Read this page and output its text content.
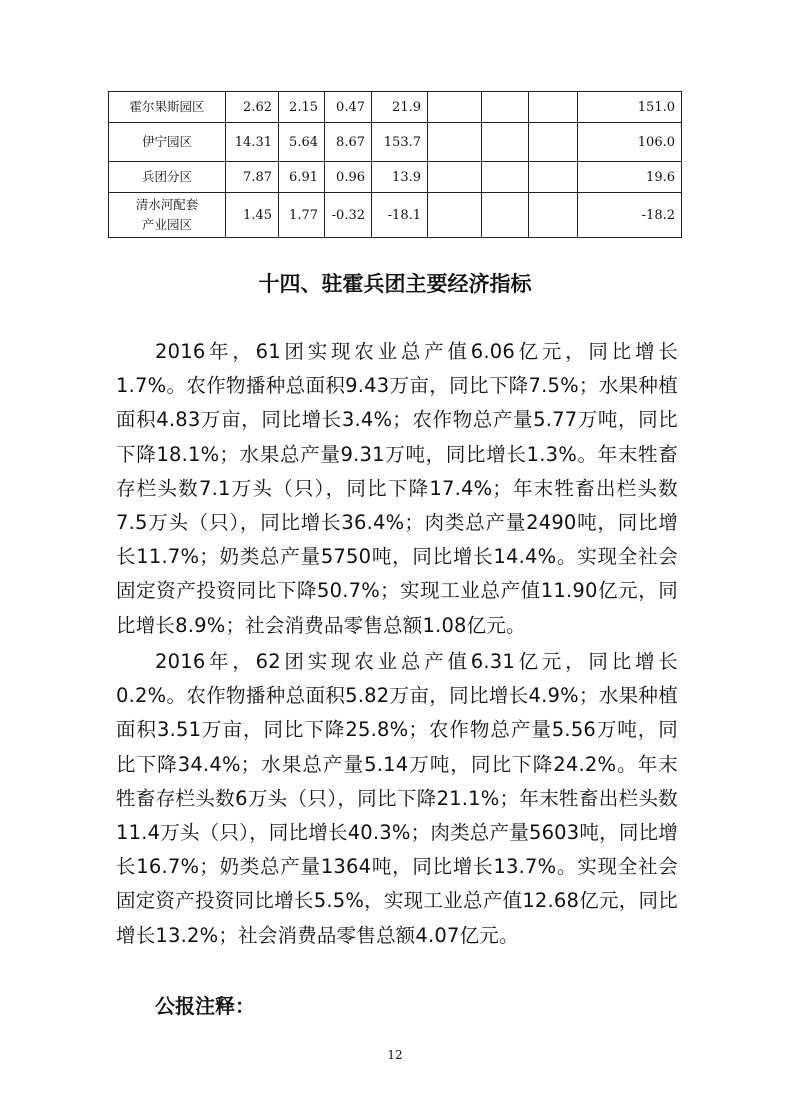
霍尔果斯园区	2.62	2.15	0.47	21.9				151.0

伊宁园区	14.31	5.64	8.67	153.7				106.0

兵团分区	7.87	6.91	0.96	13.9				19.6

清水河配套
产业园区	1.45	1.77	-0.32	-18.1				-18.2
十四、驻霍兵团主要经济指标
2016年，61团实现农业总产值6.06亿元，同比增长1.7%。农作物播种总面积9.43万亩，同比下降7.5%；水果种植面积4.83万亩，同比增长3.4%；农作物总产量5.77万吨，同比下降18.1%；水果总产量9.31万吨，同比增长1.3%。年末牲畜存栏头数7.1万头（只），同比下降17.4%；年末牲畜出栏头数7.5万头（只），同比增长36.4%；肉类总产量2490吨，同比增长11.7%；奶类总产量5750吨，同比增长14.4%。实现全社会固定资产投资同比下降50.7%；实现工业总产值11.90亿元，同比增长8.9%；社会消费品零售总额1.08亿元。
2016年，62团实现农业总产值6.31亿元，同比增长0.2%。农作物播种总面积5.82万亩，同比增长4.9%；水果种植面积3.51万亩，同比下降25.8%；农作物总产量5.56万吨，同比下降34.4%；水果总产量5.14万吨，同比下降24.2%。年末牲畜存栏头数6万头（只），同比下降21.1%；年末牲畜出栏头数11.4万头（只），同比增长40.3%；肉类总产量5603吨，同比增长16.7%；奶类总产量1364吨，同比增长13.7%。实现全社会固定资产投资同比增长5.5%，实现工业总产值12.68亿元，同比增长13.2%；社会消费品零售总额4.07亿元。
公报注释：
12
